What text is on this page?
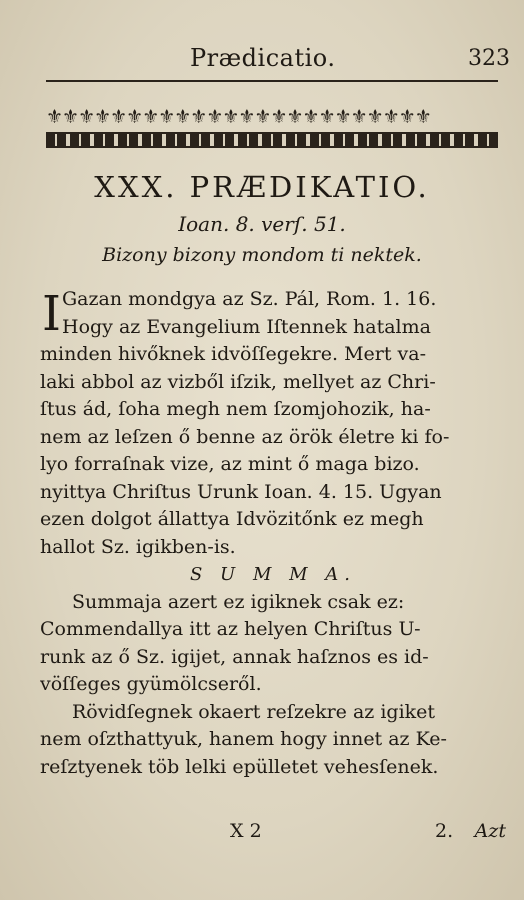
Prædicatio.	323
⚜⚜⚜⚜⚜⚜⚜⚜⚜⚜⚜⚜⚜⚜⚜⚜⚜⚜⚜⚜⚜⚜⚜⚜
XXX. PRÆDIKATIO.
Ioan. 8. verſ. 51.
Bizony bizony mondom ti nektek.
I Gazan mondgya az Sz. Pál, Rom. 1. 16.
Hogy az Evangelium Iſtennek hatalma
minden hivőknek idvöſſegekre. Mert va-
laki abbol az vizből iſzik, mellyet az Chri-
ſtus ád, ſoha megh nem ſzomjohozik, ha-
nem az leſzen ő benne az örök életre ki fo-
lyo forraſnak vize, az mint ő maga bizo.
nyittya Chriſtus Urunk Ioan. 4. 15. Ugyan
ezen dolgot állattya Idvözitőnk ez megh
hallot Sz. igikben-is.
S U M M A.
Summaja azert ez igiknek csak ez:
Commendallya itt az helyen Chriſtus U-
runk az ő Sz. igijet, annak haſznos es id-
vöſſeges gyümölcseről.
Rövidſegnek okaert reſzekre az igiket
nem oſzthattyuk, hanem hogy innet az Ke-
reſztyenek töb lelki epülletet vehesſenek.
X 2	2. Azt
